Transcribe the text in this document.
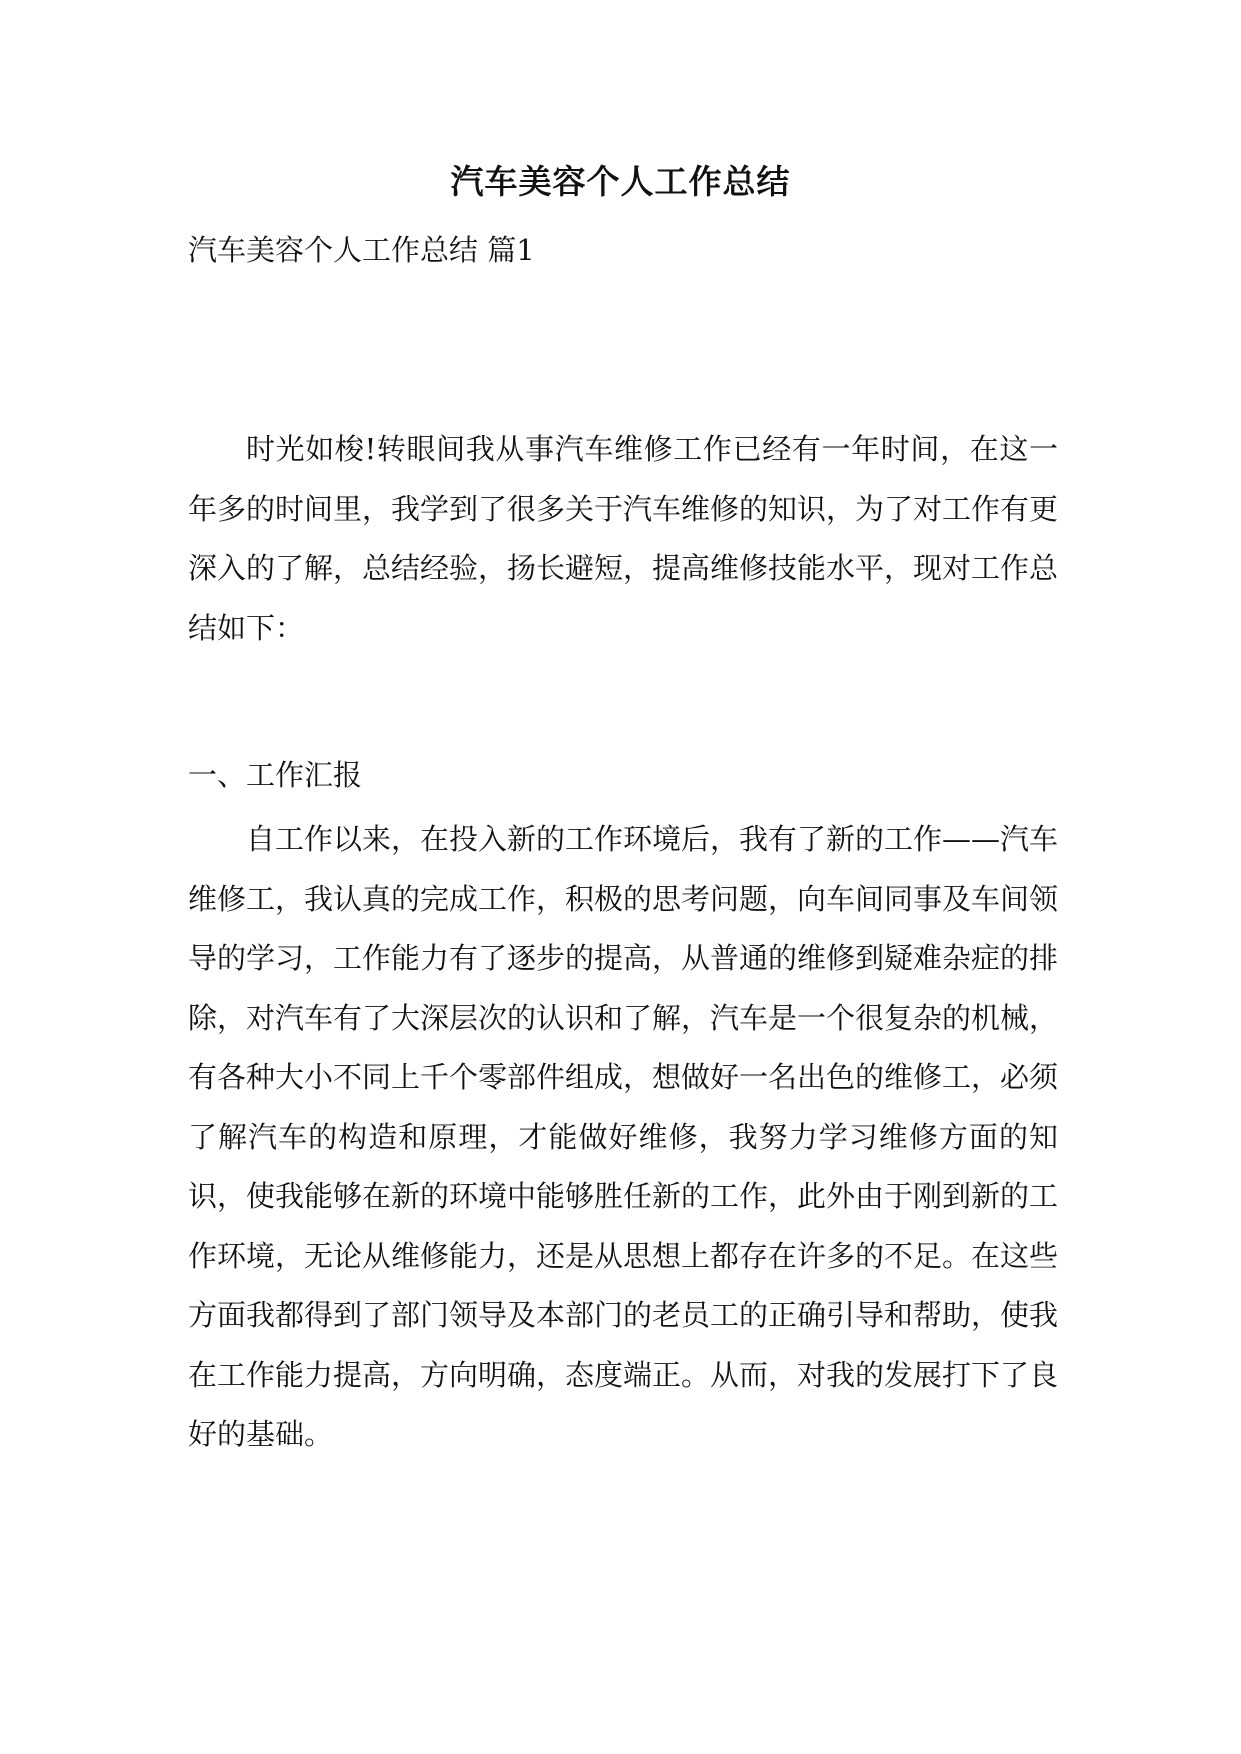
汽车美容个人工作总结
汽车美容个人工作总结 篇1

时光如梭!转眼间我从事汽车维修工作已经有一年时间，在这一年多的时间里，我学到了很多关于汽车维修的知识，为了对工作有更深入的了解，总结经验，扬长避短，提高维修技能水平，现对工作总结如下：

一、工作汇报

自工作以来，在投入新的工作环境后，我有了新的工作——汽车维修工，我认真的完成工作，积极的思考问题，向车间同事及车间领导的学习，工作能力有了逐步的提高，从普通的维修到疑难杂症的排除，对汽车有了大深层次的认识和了解，汽车是一个很复杂的机械，有各种大小不同上千个零部件组成，想做好一名出色的维修工，必须了解汽车的构造和原理，才能做好维修，我努力学习维修方面的知识，使我能够在新的环境中能够胜任新的工作，此外由于刚到新的工作环境，无论从维修能力，还是从思想上都存在许多的不足。在这些方面我都得到了部门领导及本部门的老员工的正确引导和帮助，使我在工作能力提高，方向明确，态度端正。从而，对我的发展打下了良好的基础。
